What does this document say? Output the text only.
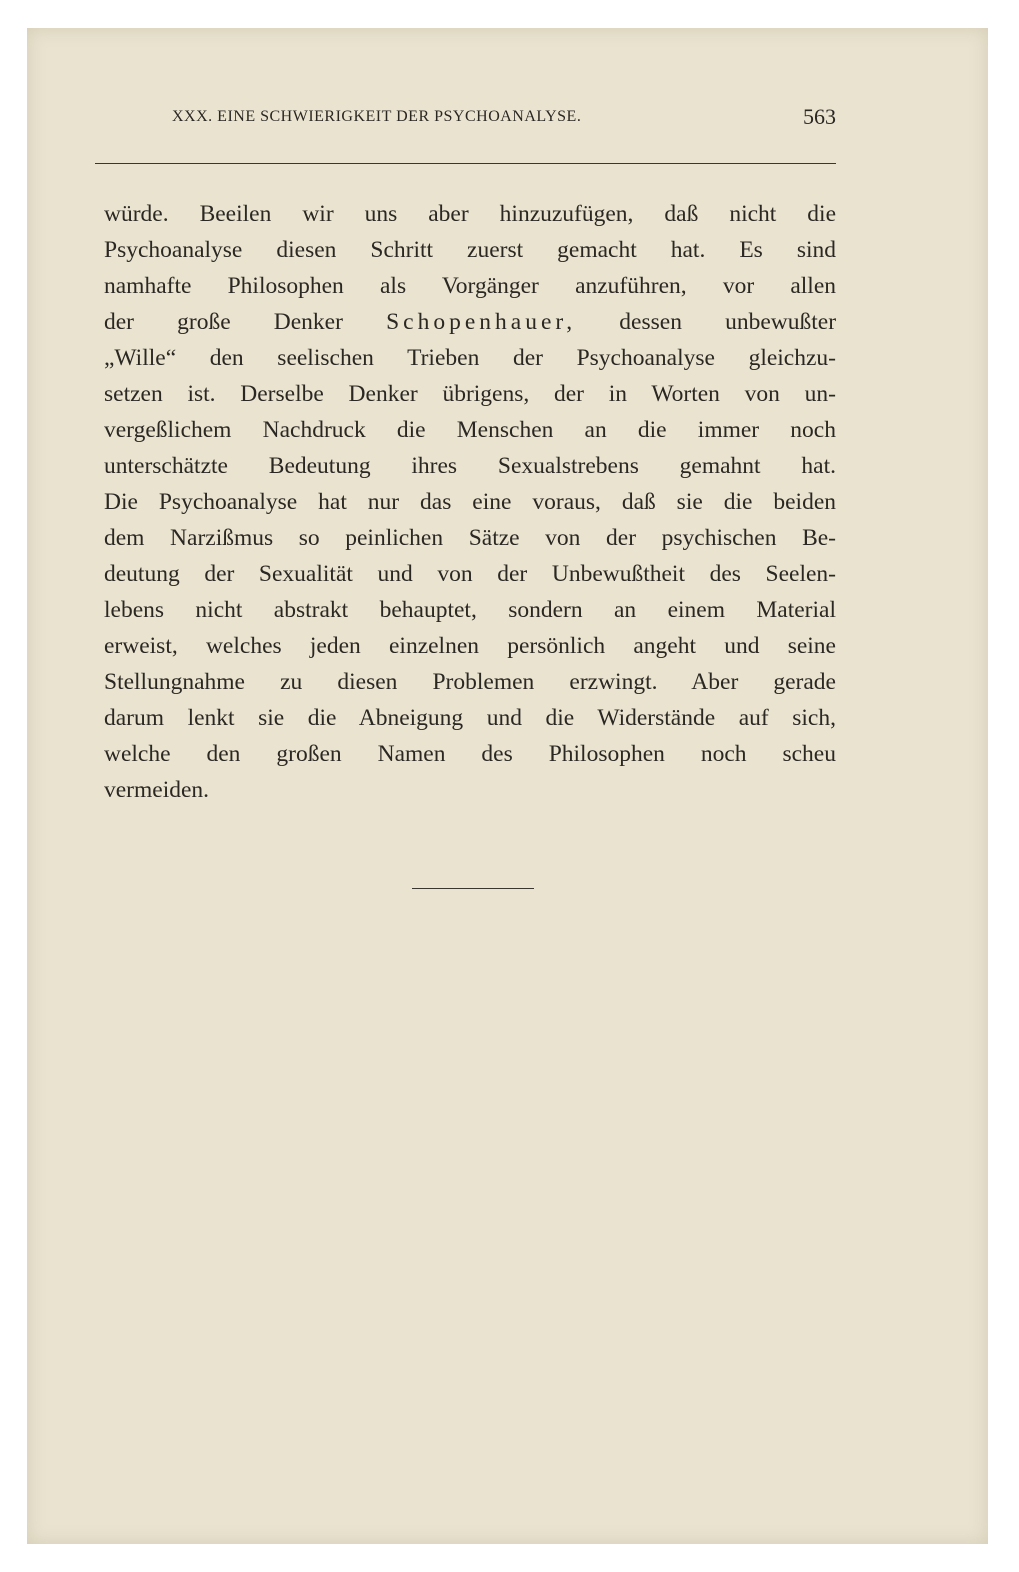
XXX. EINE SCHWIERIGKEIT DER PSYCHOANALYSE.	563
würde. Beeilen wir uns aber hinzuzufügen, daß nicht die
Psychoanalyse diesen Schritt zuerst gemacht hat. Es sind
namhafte Philosophen als Vorgänger anzuführen, vor allen
der große Denker Schopenhauer, dessen unbewußter
„Wille“ den seelischen Trieben der Psychoanalyse gleichzu-
setzen ist. Derselbe Denker übrigens, der in Worten von un-
vergeßlichem Nachdruck die Menschen an die immer noch
unterschätzte Bedeutung ihres Sexualstrebens gemahnt hat.
Die Psychoanalyse hat nur das eine voraus, daß sie die beiden
dem Narzißmus so peinlichen Sätze von der psychischen Be-
deutung der Sexualität und von der Unbewußtheit des Seelen-
lebens nicht abstrakt behauptet, sondern an einem Material
erweist, welches jeden einzelnen persönlich angeht und seine
Stellungnahme zu diesen Problemen erzwingt. Aber gerade
darum lenkt sie die Abneigung und die Widerstände auf sich,
welche den großen Namen des Philosophen noch scheu
vermeiden.
